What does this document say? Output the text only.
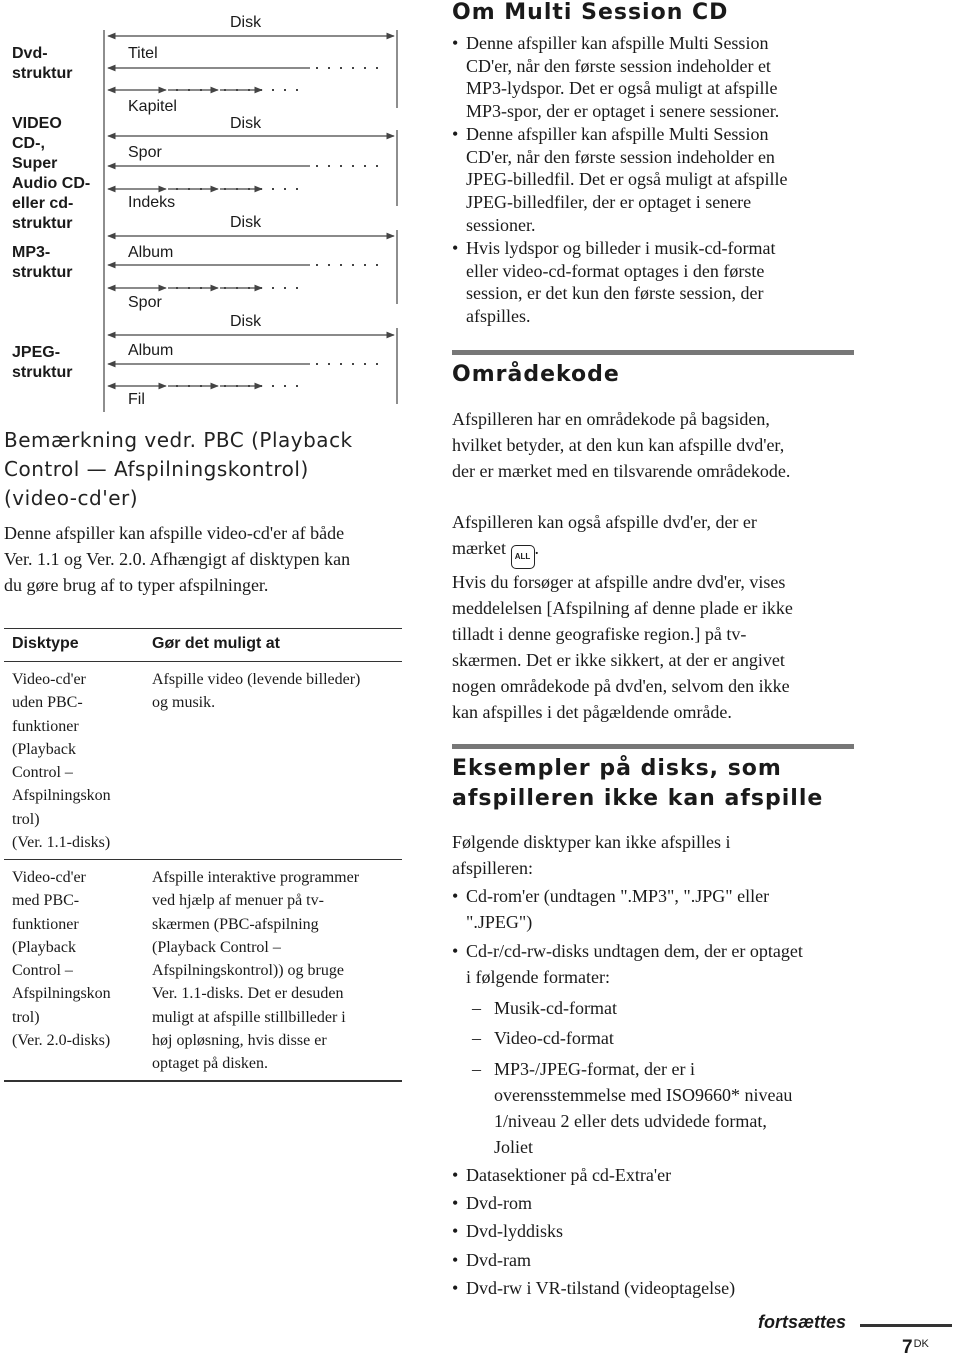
Dvd-
struktur
VIDEO
CD-,
Super
Audio CD-
eller cd-
struktur
MP3-
struktur
JPEG-
struktur
Disk
Titel
Kapitel
Disk
Spor
Indeks
Disk
Album
Spor
Disk
Album
Fil
Bemærkning vedr. PBC (Playback
Control — Afspilningskontrol)
(video-cd'er)
Denne afspiller kan afspille video-cd'er af både
Ver. 1.1 og Ver. 2.0. Afhængigt af disktypen kan
du gøre brug af to typer afspilninger.
Disktype	Gør det muligt at
Video-cd'er
uden PBC-
funktioner
(Playback
Control –
Afspilningskon
trol)
(Ver. 1.1-disks)
Afspille video (levende billeder)
og musik.
Video-cd'er
med PBC-
funktioner
(Playback
Control –
Afspilningskon
trol)
(Ver. 2.0-disks)
Afspille interaktive programmer
ved hjælp af menuer på tv-
skærmen (PBC-afspilning
(Playback Control –
Afspilningskontrol)) og bruge
Ver. 1.1-disks. Det er desuden
muligt at afspille stillbilleder i
høj opløsning, hvis disse er
optaget på disken.
Om Multi Session CD
• Denne afspiller kan afspille Multi Session
CD'er, når den første session indeholder et
MP3-lydspor. Det er også muligt at afspille
MP3-spor, der er optaget i senere sessioner.
• Denne afspiller kan afspille Multi Session
CD'er, når den første session indeholder en
JPEG-billedfil. Det er også muligt at afspille
JPEG-billedfiler, der er optaget i senere
sessioner.
• Hvis lydspor og billeder i musik-cd-format
eller video-cd-format optages i den første
session, er det kun den første session, der
afspilles.
Områdekode
Afspilleren har en områdekode på bagsiden,
hvilket betyder, at den kun kan afspille dvd'er,
der er mærket med en tilsvarende områdekode.
Afspilleren kan også afspille dvd'er, der er
mærket ALL .
Hvis du forsøger at afspille andre dvd'er, vises
meddelelsen [Afspilning af denne plade er ikke
tilladt i denne geografiske region.] på tv-
skærmen. Det er ikke sikkert, at der er angivet
nogen områdekode på dvd'en, selvom den ikke
kan afspilles i det pågældende område.
Eksempler på disks, som
afspilleren ikke kan afspille
Følgende disktyper kan ikke afspilles i
afspilleren:
• Cd-rom'er (undtagen ".MP3", ".JPG" eller
".JPEG")
• Cd-r/cd-rw-disks undtagen dem, der er optaget
i følgende formater:
– Musik-cd-format
– Video-cd-format
– MP3-/JPEG-format, der er i
overensstemmelse med ISO9660* niveau
1/niveau 2 eller dets udvidede format,
Joliet
• Datasektioner på cd-Extra'er
• Dvd-rom
• Dvd-lyddisks
• Dvd-ram
• Dvd-rw i VR-tilstand (videoptagelse)
fortsættes
$7^{DK}$
